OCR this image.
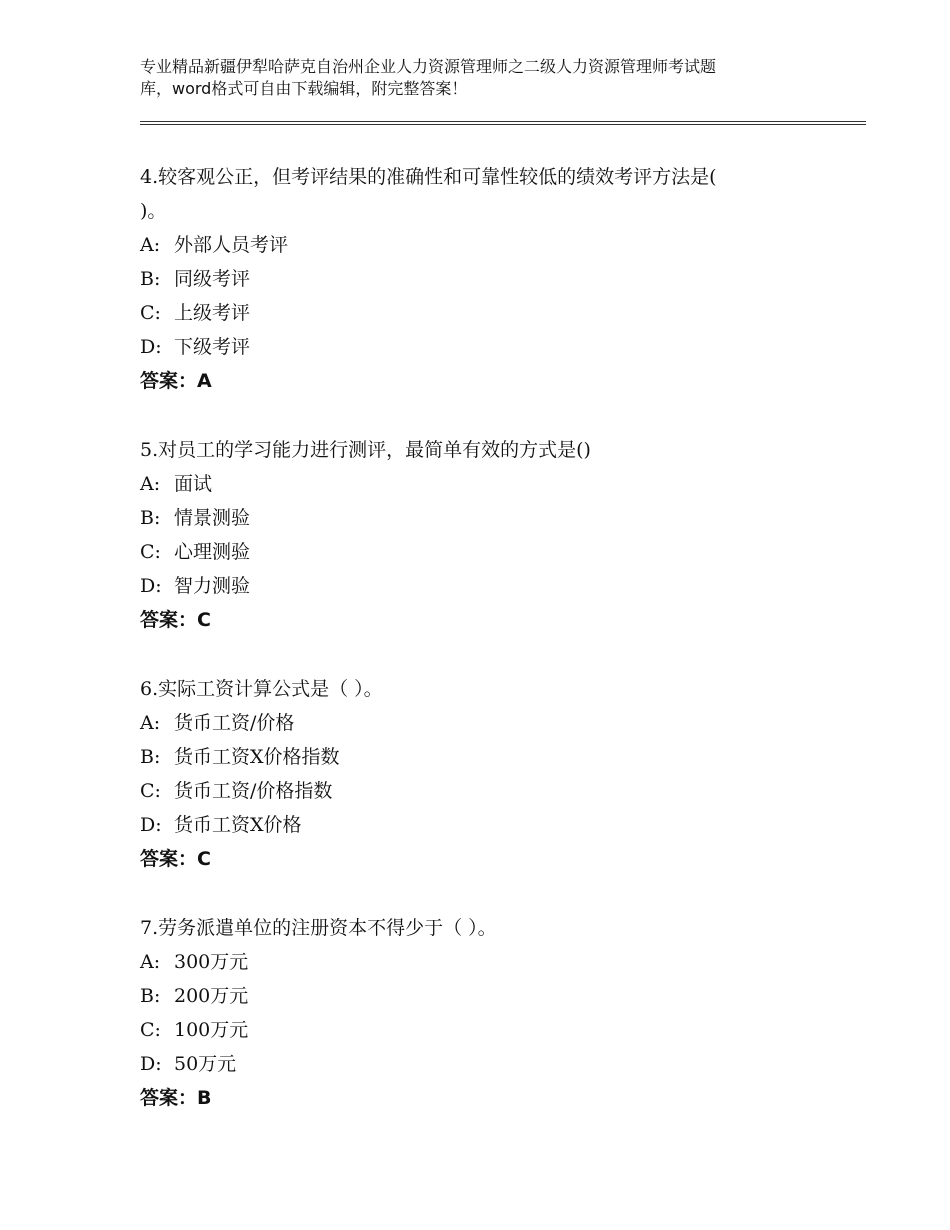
专业精品新疆伊犁哈萨克自治州企业人力资源管理师之二级人力资源管理师考试题
库，word格式可自由下载编辑，附完整答案！
4.较客观公正，但考评结果的准确性和可靠性较低的绩效考评方法是(
)。
A: 外部人员考评
B: 同级考评
C: 上级考评
D: 下级考评
答案：A
5.对员工的学习能力进行测评，最简单有效的方式是()
A: 面试
B: 情景测验
C: 心理测验
D: 智力测验
答案：C
6.实际工资计算公式是（ ）。
A: 货币工资/价格
B: 货币工资X价格指数
C: 货币工资/价格指数
D: 货币工资X价格
答案：C
7.劳务派遣单位的注册资本不得少于（ ）。
A: 300万元
B: 200万元
C: 100万元
D: 50万元
答案：B
